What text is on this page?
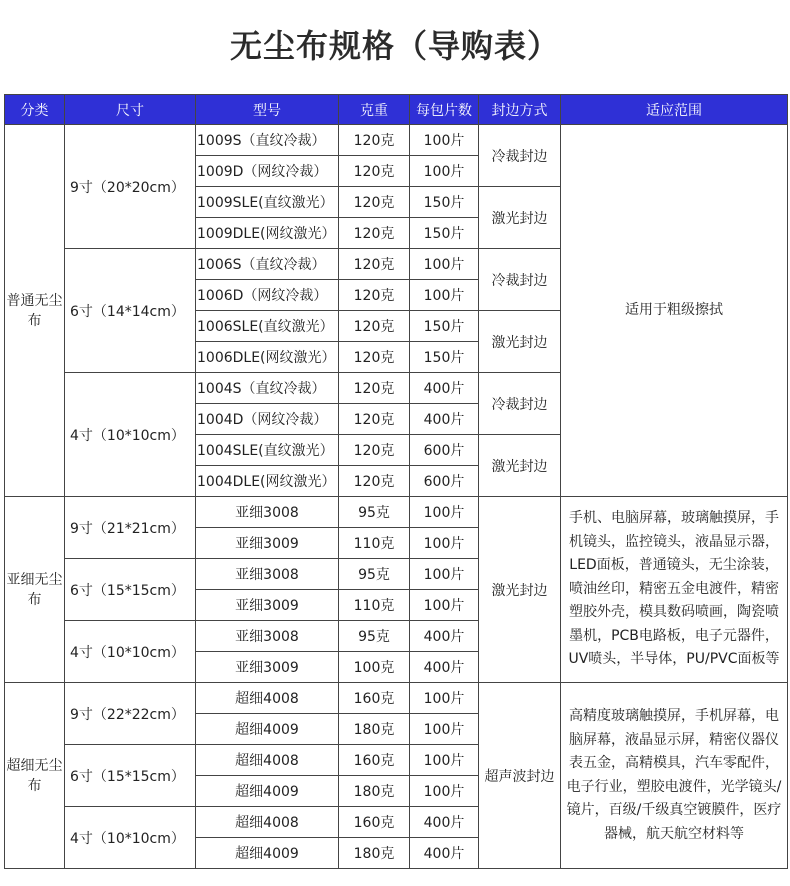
无尘布规格（导购表）
分类	尺寸	型号	克重	每包片数	封边方式	适应范围
普通无尘布	9寸（20*20cm）	1009S（直纹冷裁）	120克	100片	冷裁封边	适用于粗级擦拭
		1009D（网纹冷裁）	120克	100片		
		1009SLE(直纹激光）	120克	150片	激光封边	
		1009DLE(网纹激光）	120克	150片		
	6寸（14*14cm）	1006S（直纹冷裁）	120克	100片	冷裁封边	
		1006D（网纹冷裁）	120克	100片		
		1006SLE(直纹激光）	120克	150片	激光封边	
		1006DLE(网纹激光）	120克	150片		
	4寸（10*10cm）	1004S（直纹冷裁）	120克	400片	冷裁封边	
		1004D（网纹冷裁）	120克	400片		
		1004SLE(直纹激光）	120克	600片	激光封边	
		1004DLE(网纹激光）	120克	600片		
亚细无尘布	9寸（21*21cm）	亚细3008	95克	100片	激光封边	手机、电脑屏幕，玻璃触摸屏，手机镜头，监控镜头，液晶显示器，LED面板，普通镜头，无尘涂装，喷油丝印，精密五金电渡件，精密塑胶外壳，模具数码喷画，陶瓷喷墨机，PCB电路板，电子元器件，UV喷头，半导体，PU/PVC面板等
		亚细3009	110克	100片		
	6寸（15*15cm）	亚细3008	95克	100片		
		亚细3009	110克	100片		
	4寸（10*10cm）	亚细3008	95克	400片		
		亚细3009	100克	400片		
超细无尘布	9寸（22*22cm）	超细4008	160克	100片	超声波封边	高精度玻璃触摸屏，手机屏幕，电脑屏幕，液晶显示屏，精密仪器仪表五金，高精模具，汽车零配件，电子行业，塑胶电渡件，光学镜头/镜片，百级/千级真空镀膜件，医疗器械，航天航空材料等
		超细4009	180克	100片		
	6寸（15*15cm）	超细4008	160克	100片		
		超细4009	180克	100片		
	4寸（10*10cm）	超细4008	160克	400片		
		超细4009	180克	400片		
